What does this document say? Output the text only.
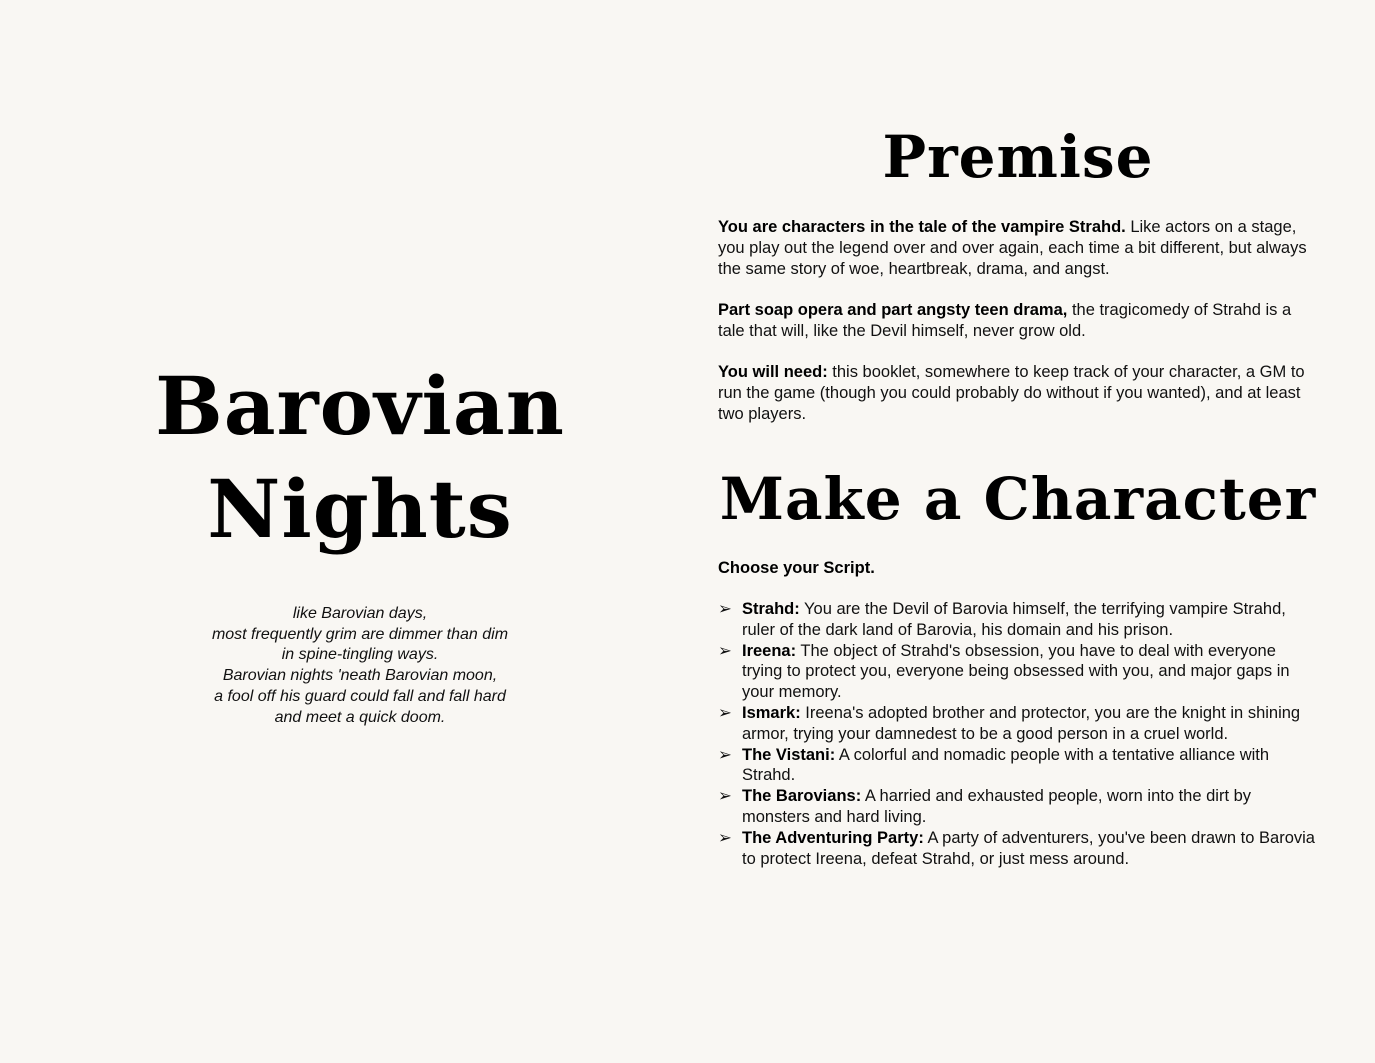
Barovian
Nights
like Barovian days,
most frequently grim are dimmer than dim
in spine-tingling ways.
Barovian nights 'neath Barovian moon,
a fool off his guard could fall and fall hard
and meet a quick doom.
Premise

You are characters in the tale of the vampire Strahd. Like actors on a stage, you play out the legend over and over again, each time a bit different, but always the same story of woe, heartbreak, drama, and angst.

Part soap opera and part angsty teen drama, the tragicomedy of Strahd is a tale that will, like the Devil himself, never grow old.

You will need: this booklet, somewhere to keep track of your character, a GM to run the game (though you could probably do without if you wanted), and at least two players.

Make a Character

Choose your Script.

➢ Strahd: You are the Devil of Barovia himself, the terrifying vampire Strahd, ruler of the dark land of Barovia, his domain and his prison.
➢ Ireena: The object of Strahd's obsession, you have to deal with everyone trying to protect you, everyone being obsessed with you, and major gaps in your memory.
➢ Ismark: Ireena's adopted brother and protector, you are the knight in shining armor, trying your damnedest to be a good person in a cruel world.
➢ The Vistani: A colorful and nomadic people with a tentative alliance with Strahd.
➢ The Barovians: A harried and exhausted people, worn into the dirt by monsters and hard living.
➢ The Adventuring Party: A party of adventurers, you've been drawn to Barovia to protect Ireena, defeat Strahd, or just mess around.
